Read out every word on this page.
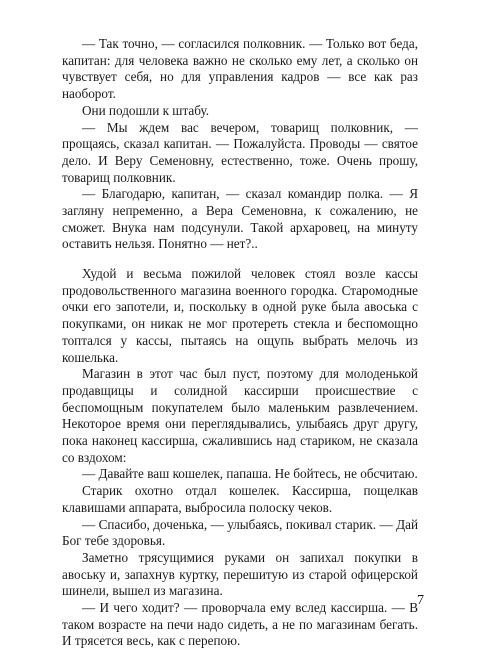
— Так точно, — согласился полковник. — Только вот беда, капитан: для человека важно не сколько ему лет, а сколько он чувствует себя, но для управления кадров — все как раз наоборот.

Они подошли к штабу.

— Мы ждем вас вечером, товарищ полковник, — прощаясь, сказал капитан. — Пожалуйста. Проводы — святое дело. И Веру Семеновну, естественно, тоже. Очень прошу, товарищ полковник.

— Благодарю, капитан, — сказал командир полка. — Я загляну непременно, а Вера Семеновна, к сожалению, не сможет. Внука нам подсунули. Такой архаровец, на минуту оставить нельзя. Понятно — нет?..

Худой и весьма пожилой человек стоял возле кассы продовольственного магазина военного городка. Старомодные очки его запотели, и, поскольку в одной руке была авоська с покупками, он никак не мог протереть стекла и беспомощно топтался у кассы, пытаясь на ощупь выбрать мелочь из кошелька.

Магазин в этот час был пуст, поэтому для молоденькой продавщицы и солидной кассирши происшествие с беспомощным покупателем было маленьким развлечением. Некоторое время они переглядывались, улыбаясь друг другу, пока наконец кассирша, сжалившись над стариком, не сказала со вздохом:

— Давайте ваш кошелек, папаша. Не бойтесь, не обсчитаю.

Старик охотно отдал кошелек. Кассирша, пощелкав клавишами аппарата, выбросила полоску чеков.

— Спасибо, доченька, — улыбаясь, покивал старик. — Дай Бог тебе здоровья.

Заметно трясущимися руками он запихал покупки в авоську и, запахнув куртку, перешитую из старой офицерской шинели, вышел из магазина.

— И чего ходит? — проворчала ему вслед кассирша. — В таком возрасте на печи надо сидеть, а не по магазинам бегать. И трясется весь, как с перепою.

7
